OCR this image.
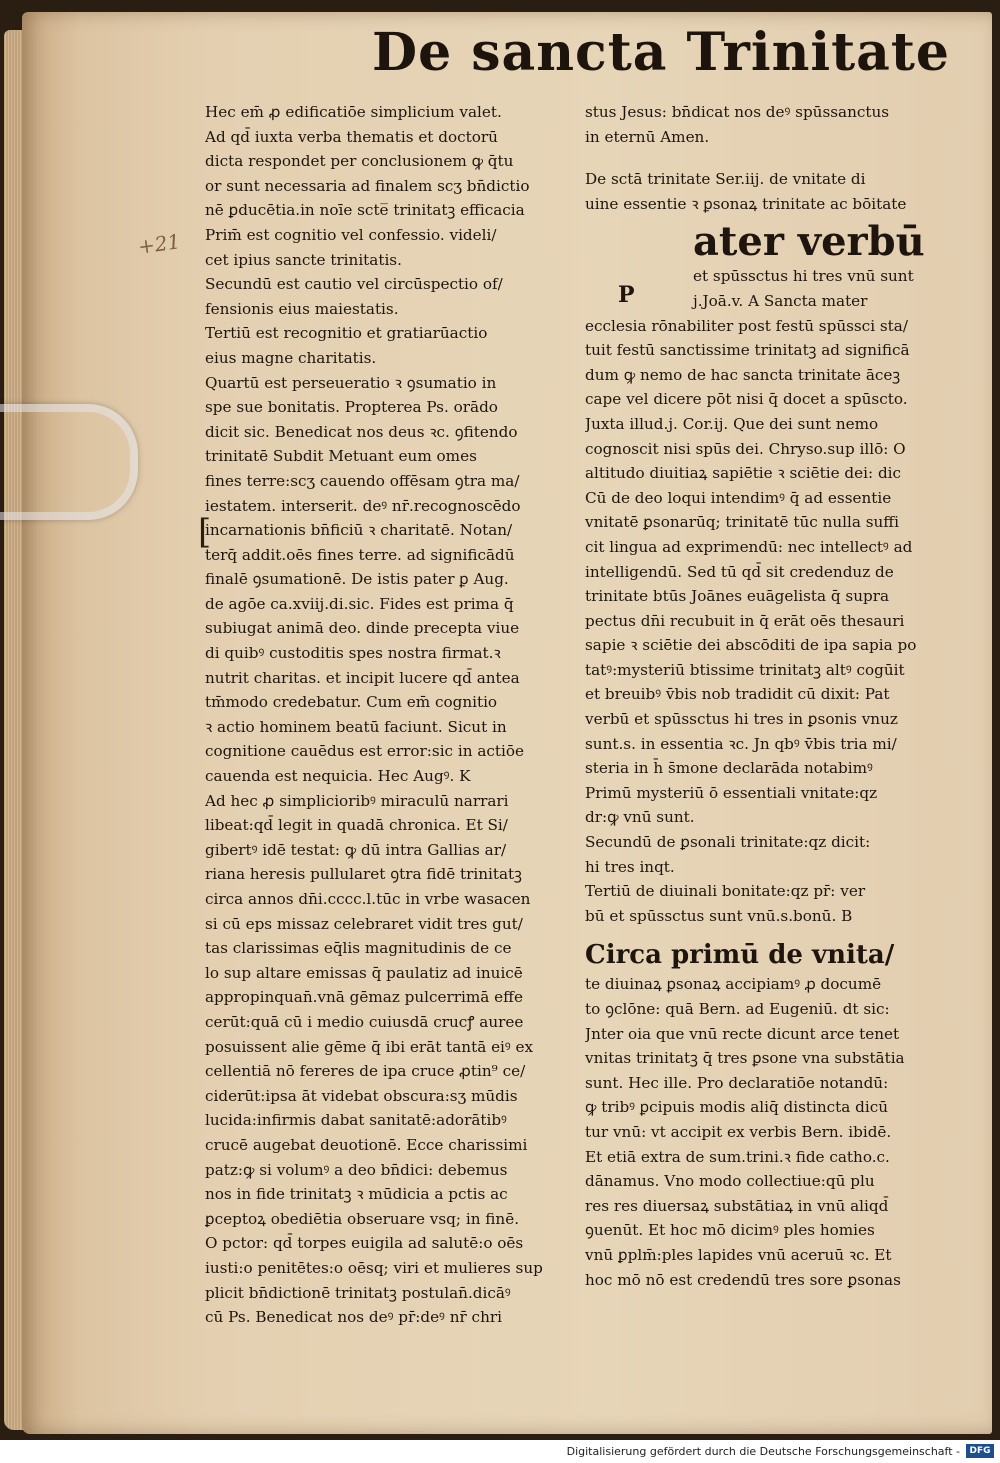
De sancta Trinitate
+21
[
Hec em̄ ꝓ edificatiōe simplicium valet.
Ad qd̄ iuxta verba thematis et doctorū
dicta respondet per conclusionem ꝙ q̄tu
or sunt necessaria ad finalem scʒ bn̄dictio
nē ꝑducētia.in noīe scte̅ trinitatꝫ efficacia
Prim̄ est cognitio vel confessio. videli/
cet ipius sancte trinitatis.
Secundū est cautio vel circūspectio of/
fensionis eius maiestatis.
Tertiū est recognitio et gratiarūactio
eius magne charitatis.
Quartū est perseueratio ꝛ ꝯsumatio in
spe sue bonitatis. Propterea Ps. orādo
dicit sic. Benedicat nos deus ꝛc. ꝯfitendo
trinitatē Subdit Metuant eum omes
fines terre:scʒ cauendo offēsam ꝯtra ma/
iestatem. interserit. deꝰ nr̄.recognoscēdo
incarnationis bn̄ficiū ꝛ charitatē. Notan/
terq̄ addit.oēs fines terre. ad significādū
finalē ꝯsumationē. De istis pater ꝑ Aug.
de agōe ca.xviij.di.sic. Fides est prima q̄
subiugat animā deo. dinde precepta viue
di quibꝰ custoditis spes nostra firmat.ꝛ
nutrit charitas. et incipit lucere qd̄ antea
tm̄modo credebatur. Cum em̄ cognitio
ꝛ actio hominem beatū faciunt. Sicut in
cognitione cauēdus est error:sic in actiōe
cauenda est nequicia. Hec Augꝰ. K
Ad hec ꝓ simplicioribꝰ miraculū narrari
libeat:qd̄ legit in quadā chronica. Et Si/
gibertꝰ idē testat: ꝙ dū intra Gallias ar/
riana heresis pullularet ꝯtra fidē trinitatꝫ
circa annos dn̄i.cccc.l.tūc in vrbe wasacen
si cū eps missaz celebraret vidit tres gut/
tas clarissimas eq̄lis magnitudinis de ce
lo sup altare emissas q̄ paulatiz ad inuicē
appropinquan̄.vnā gēmaz pulcerrimā effe
cerūt:quā cū i medio cuiusdā crucꝭ auree
posuissent alie gēme q̄ ibi erāt tantā eiꝰ ex
cellentiā nō fereres de ipa cruce ꝓtin⁹ ce/
ciderūt:ipsa āt videbat obscura:sʒ mūdis
lucida:infirmis dabat sanitatē:adorātibꝰ
crucē augebat deuotionē. Ecce charissimi
patz:ꝙ si volumꝰ a deo bn̄dici: debemus
nos in fide trinitatꝫ ꝛ mūdicia a pctis ac
ꝑceptoꝝ obediētia obseruare vsq; in finē.
O pctor: qd̄ torpes euigila ad salutē:o oēs
iusti:o penitētes:o oēsq; viri et mulieres sup
plicit bn̄dictionē trinitatꝫ postulan̄.dicāꝰ
cū Ps. Benedicat nos deꝰ pr̄:deꝰ nr̄ chri
stus Jesus: bn̄dicat nos deꝰ spūssanctus
in eternū Amen.
De sctā trinitate Ser.iij. de vnitate di
uine essentie ꝛ ꝑsonaꝝ trinitate ac bōitate
ater verbū
et spūssctus hi tres vnū sunt
j.Joā.v. A Sancta mater
ecclesia rōnabiliter post festū spūssci sta/
tuit festū sanctissime trinitatꝫ ad significā
dum ꝙ nemo de hac sancta trinitate āceꝫ
cape vel dicere pōt nisi q̄ docet a spūscto.
Juxta illud.j. Cor.ij. Que dei sunt nemo
cognoscit nisi spūs dei. Chryso.sup illō: O
altitudo diuitiaꝝ sapiētie ꝛ sciētie dei: dic
Cū de deo loqui intendimꝰ q̄ ad essentie
vnitatē ꝑsonarūq; trinitatē tūc nulla suffi
cit lingua ad exprimendū: nec intellectꝰ ad
intelligendū. Sed tū qd̄ sit credenduz de
trinitate btūs Joānes euāgelista q̄ supra
pectus dn̄i recubuit in q̄ erāt oēs thesauri
sapie ꝛ sciētie dei abscōditi de ipa sapia po
tatꝰ:mysteriū btissime trinitatꝫ altꝰ cogūit
et breuibꝰ v̄bis nob tradidit cū dixit: Pat
verbū et spūssctus hi tres in ꝑsonis vnuz
sunt.s. in essentia ꝛc. Jn qbꝰ v̄bis tria mi/
steria in h̄ s̄mone declarāda notabimꝰ
Primū mysteriū ō essentiali vnitate:qz
dr:ꝙ vnū sunt.
Secundū de ꝑsonali trinitate:qz dicit:
hi tres inqt.
Tertiū de diuinali bonitate:qz pr̄: ver
bū et spūssctus sunt vnū.s.bonū. B
Circa primū de vnita/
te diuinaꝝ ꝑsonaꝝ accipiamꝰ ꝓ documē
to ꝯclōne: quā Bern. ad Eugeniū. dt sic:
Jnter oia que vnū recte dicunt arce tenet
vnitas trinitatꝫ q̄ tres ꝑsone vna substātia
sunt. Hec ille. Pro declaratiōe notandū:
ꝙ tribꝰ ꝑcipuis modis aliq̄ distincta dicū
tur vnū: vt accipit ex verbis Bern. ibidē.
Et etiā extra de sum.trini.ꝛ fide catho.c.
dānamus. Vno modo collectiue:qū plu
res res diuersaꝝ substātiaꝝ in vnū aliqd̄
ꝯuenūt. Et hoc mō dicimꝰ ples homies
vnū ꝑplm̄:ples lapides vnū aceruū ꝛc. Et
hoc mō nō est credendū tres sore ꝑsonas
P
Digitalisierung gefördert durch die Deutsche Forschungsgemeinschaft -	DFG
